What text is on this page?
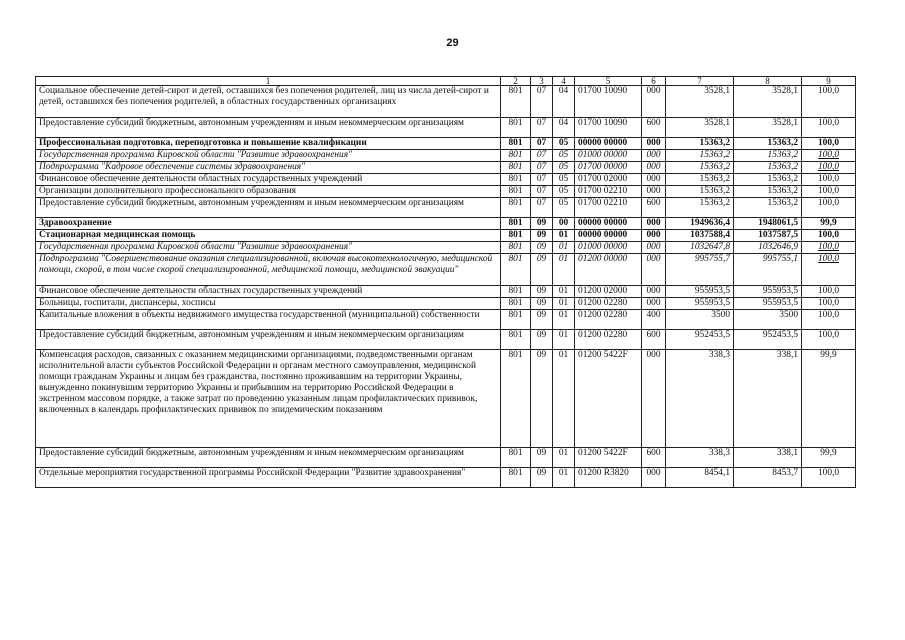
29
1	2	3	4	5	6	7	8	9
Социальное обеспечение детей-сирот и детей, оставшихся без попечения родителей, лиц из числа детей-сирот и детей, оставшихся без попечения родителей, в областных государственных организациях	801	07	04	01700 10090	000	3528,1	3528,1	100,0
Предоставление субсидий бюджетным, автономным учреждениям и иным некоммерческим организациям	801	07	04	01700 10090	600	3528,1	3528,1	100,0
Профессиональная подготовка, переподготовка и повышение квалификации	801	07	05	00000 00000	000	15363,2	15363,2	100,0
Государственная программа Кировской области "Развитие здравоохранения"	801	07	05	01000 00000	000	15363,2	15363,2	100,0
Подпрограмма "Кадровое обеспечение системы здравоохранения"	801	07	05	01700 00000	000	15363,2	15363,2	100,0
Финансовое обеспечение деятельности областных государственных учреждений	801	07	05	01700 02000	000	15363,2	15363,2	100,0
Организации дополнительного профессионального образования	801	07	05	01700 02210	000	15363,2	15363,2	100,0
Предоставление субсидий бюджетным, автономным учреждениям и иным некоммерческим организациям	801	07	05	01700 02210	600	15363,2	15363,2	100,0
Здравоохранение	801	09	00	00000 00000	000	1949636,4	1948061,5	99,9
Стационарная медицинская помощь	801	09	01	00000 00000	000	1037588,4	1037587,5	100,0
Государственная программа Кировской области "Развитие здравоохранения"	801	09	01	01000 00000	000	1032647,8	1032646,9	100,0
Подпрограмма "Совершенствование оказания специализированной, включая высокотехнологичную, медицинской помощи, скорой, в том числе скорой специализированной, медицинской помощи, медицинской эвакуации"	801	09	01	01200 00000	000	995755,7	995755,1	100,0
Финансовое обеспечение деятельности областных государственных учреждений	801	09	01	01200 02000	000	955953,5	955953,5	100,0
Больницы, госпитали, диспансеры, хосписы	801	09	01	01200 02280	000	955953,5	955953,5	100,0
Капитальные вложения в объекты недвижимого имущества государственной (муниципальной) собственности	801	09	01	01200 02280	400	3500	3500	100,0
Предоставление субсидий бюджетным, автономным учреждениям и иным некоммерческим организациям	801	09	01	01200 02280	600	952453,5	952453,5	100,0
Компенсация расходов, связанных с оказанием медицинскими организациями, подведомственными органам исполнительной власти субъектов Российской Федерации и органам местного самоуправления, медицинской помощи гражданам Украины и лицам без гражданства, постоянно проживавшим на территории Украины, вынужденно покинувшим территорию Украины и прибывшим на территорию Российской Федерации в экстренном массовом порядке, а также затрат по проведению указанным лицам профилактических прививок, включенных в календарь профилактических прививок по эпидемическим показаниям	801	09	01	01200 5422F	000	338,3	338,1	99,9
Предоставление субсидий бюджетным, автономным учреждениям и иным некоммерческим организациям	801	09	01	01200 5422F	600	338,3	338,1	99,9
Отдельные мероприятия государственной программы Российской Федерации "Развитие здравоохранения"	801	09	01	01200 R3820	000	8454,1	8453,7	100,0
